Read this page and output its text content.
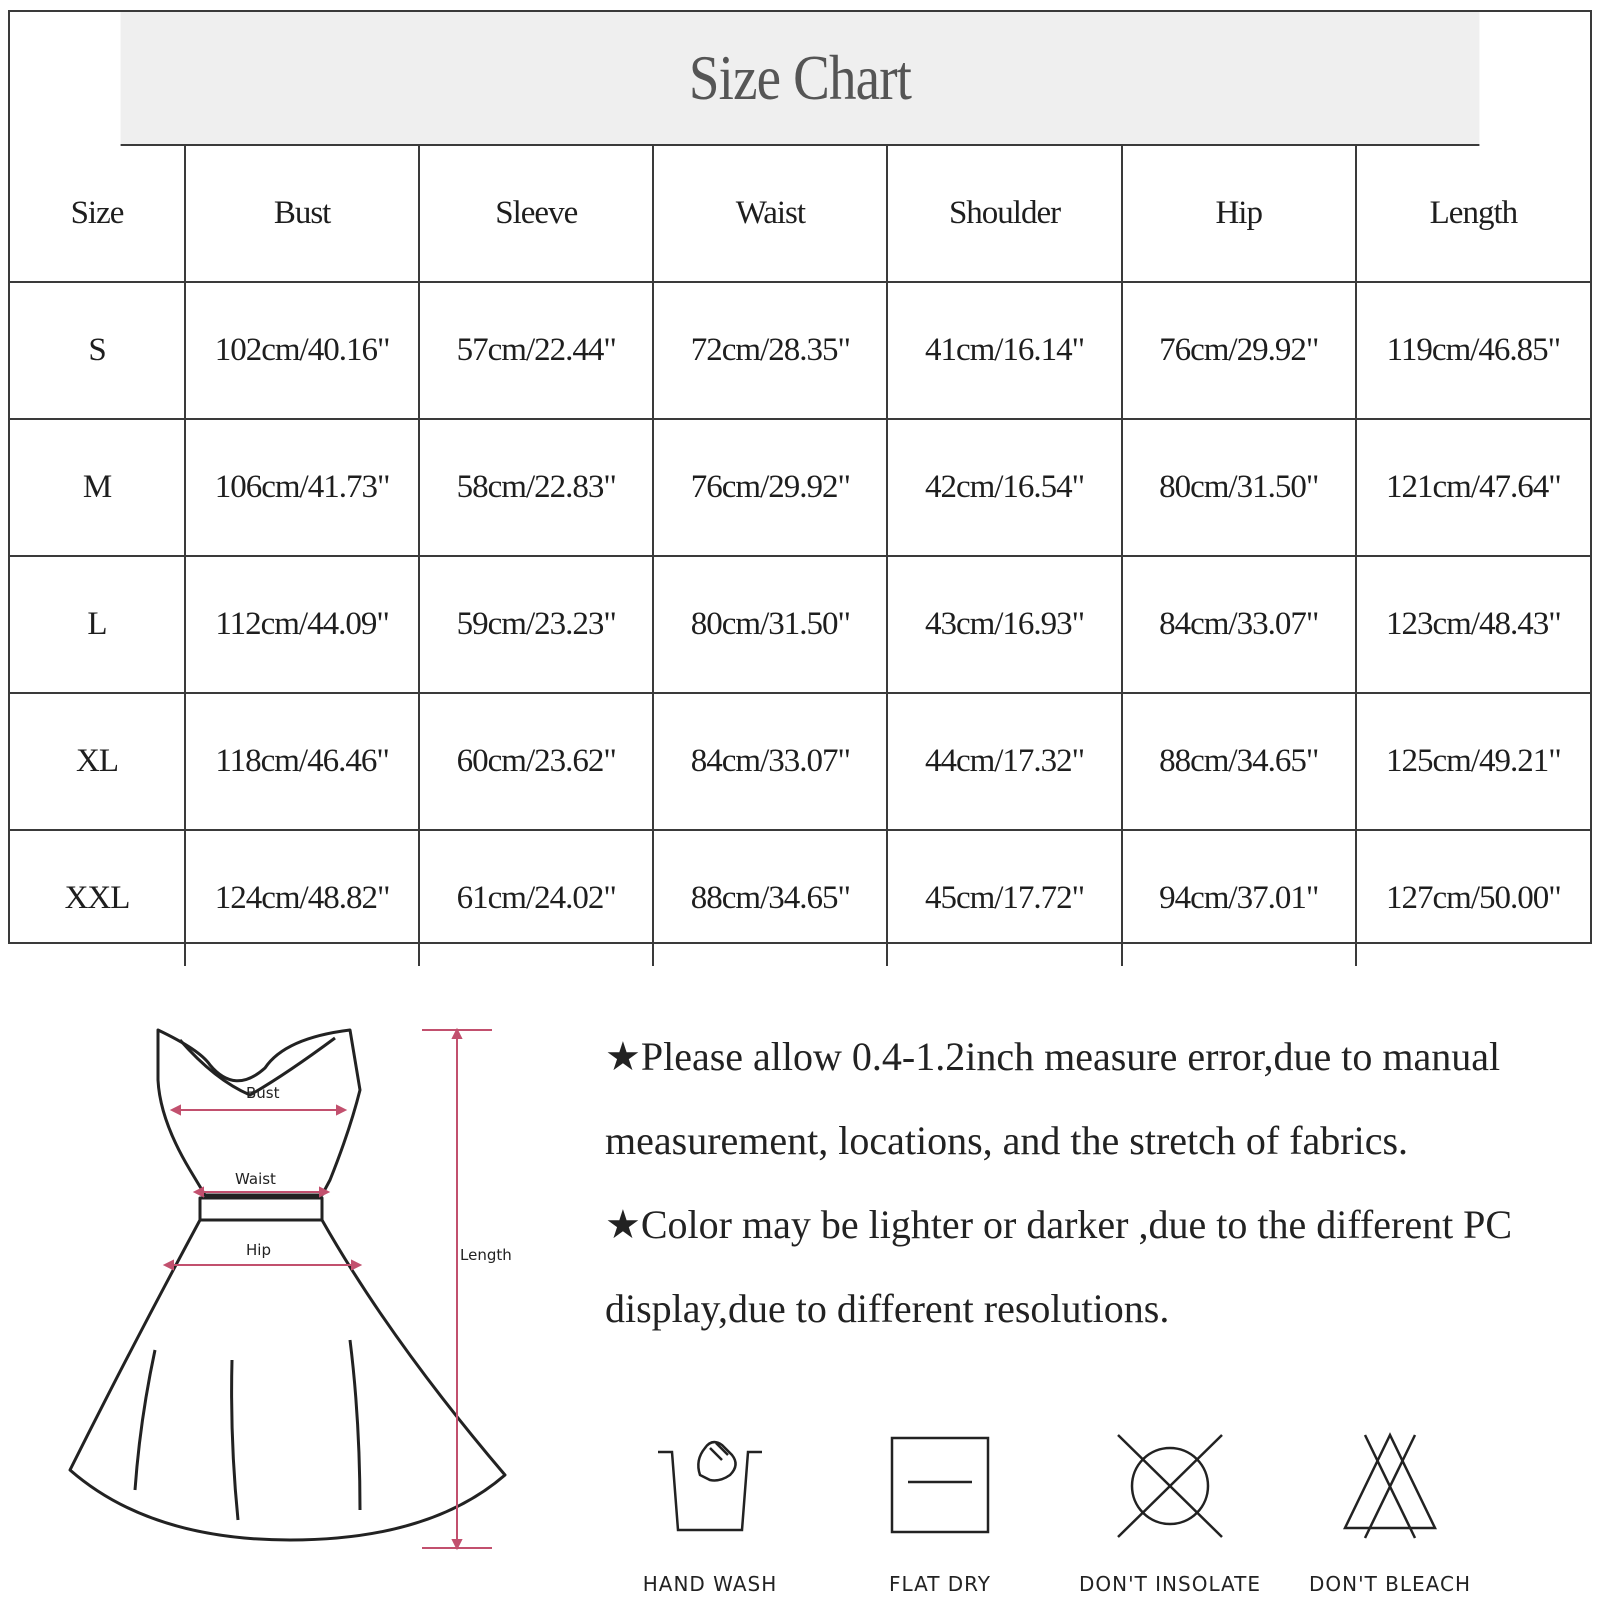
Size Chart
Size	Bust	Sleeve	Waist	Shoulder	Hip	Length
S	102cm/40.16"	57cm/22.44"	72cm/28.35"	41cm/16.14"	76cm/29.92"	119cm/46.85"
M	106cm/41.73"	58cm/22.83"	76cm/29.92"	42cm/16.54"	80cm/31.50"	121cm/47.64"
L	112cm/44.09"	59cm/23.23"	80cm/31.50"	43cm/16.93"	84cm/33.07"	123cm/48.43"
XL	118cm/46.46"	60cm/23.62"	84cm/33.07"	44cm/17.32"	88cm/34.65"	125cm/49.21"
XXL	124cm/48.82"	61cm/24.02"	88cm/34.65"	45cm/17.72"	94cm/37.01"	127cm/50.00"
Bust
Waist
Hip	Length

★Please allow 0.4-1.2inch measure error,due to manual measurement, locations, and the stretch of fabrics.

★Color may be lighter or darker ,due to the different PC display,due to different resolutions.

HAND WASH	FLAT DRY	DON'T INSOLATE	DON'T BLEACH
